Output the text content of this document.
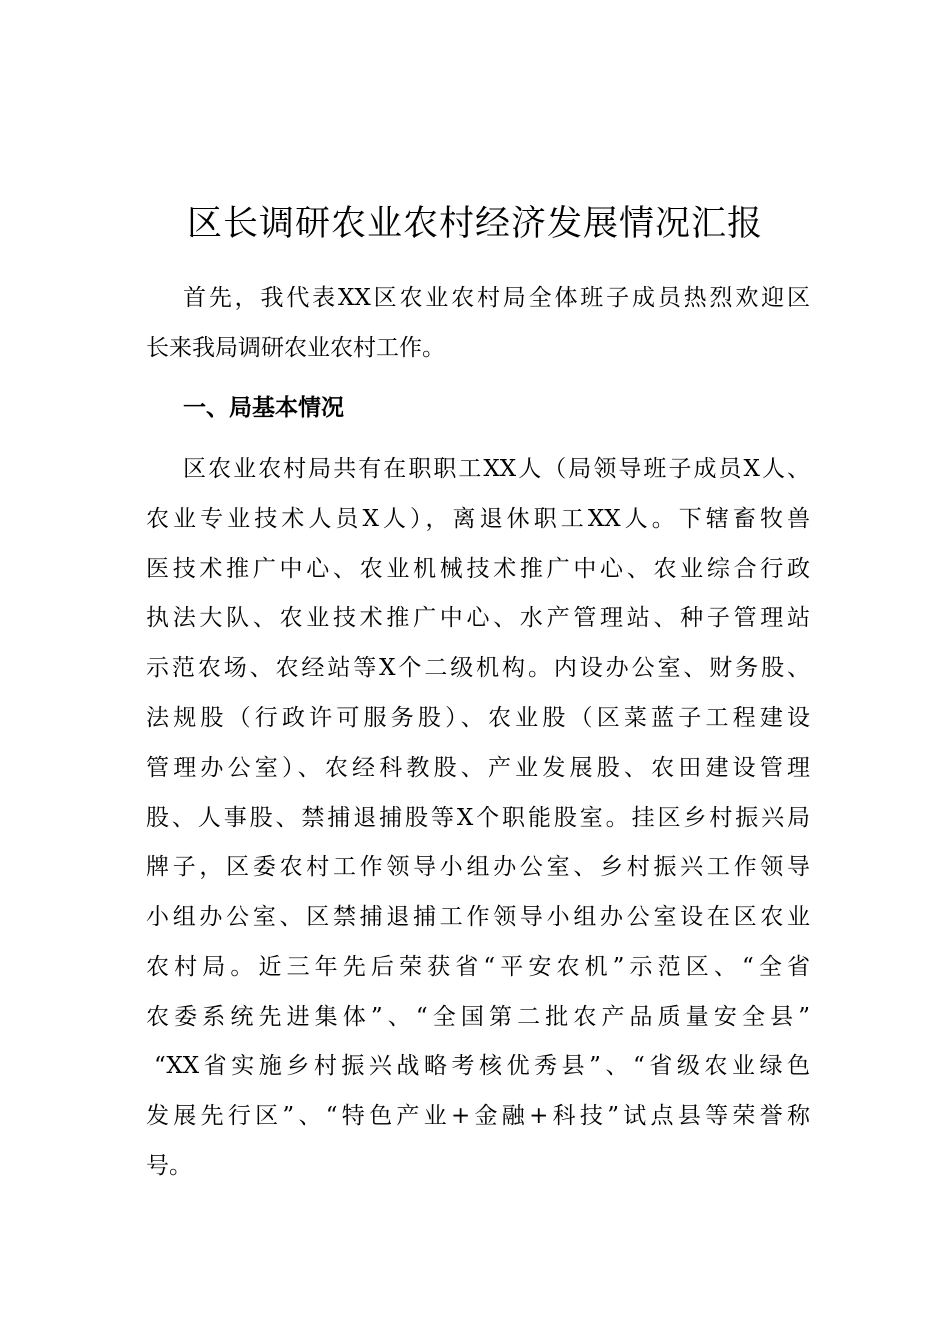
区长调研农业农村经济发展情况汇报

首先，我代表XX区农业农村局全体班子成员热烈欢迎区

长来我局调研农业农村工作。

一、局基本情况

区农业农村局共有在职职工XX人（局领导班子成员X人、

农业专业技术人员X人），离退休职工XX人。下辖畜牧兽

医技术推广中心、农业机械技术推广中心、农业综合行政

执法大队、农业技术推广中心、水产管理站、种子管理站

示范农场、农经站等X个二级机构。内设办公室、财务股、

法规股（行政许可服务股）、农业股（区菜蓝子工程建设

管理办公室）、农经科教股、产业发展股、农田建设管理

股、人事股、禁捕退捕股等X个职能股室。挂区乡村振兴局

牌子，区委农村工作领导小组办公室、乡村振兴工作领导

小组办公室、区禁捕退捕工作领导小组办公室设在区农业

农村局。近三年先后荣获省“平安农机”示范区、“全省

农委系统先进集体”、“全国第二批农产品质量安全县”

“XX省实施乡村振兴战略考核优秀县”、“省级农业绿色

发展先行区”、“特色产业+金融+科技”试点县等荣誉称

号。
